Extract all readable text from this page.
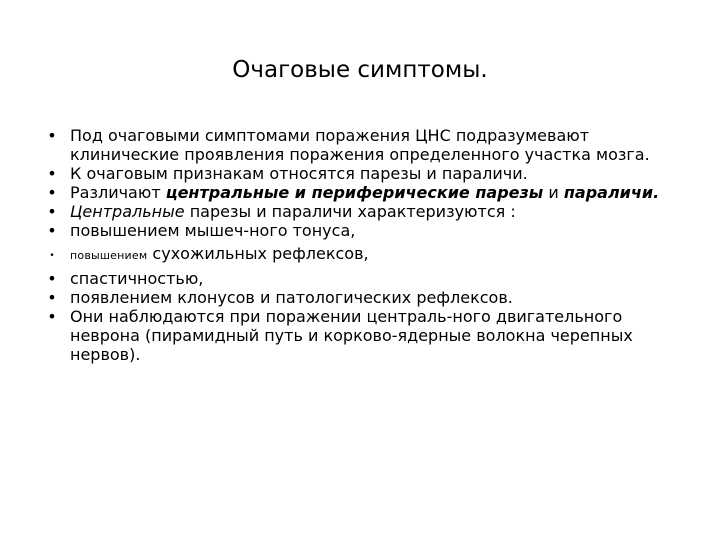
Очаговые симптомы.
• Под очаговыми симптомами поражения ЦНС подразумевают клинические проявления поражения определенного участка мозга.
• К очаговым признакам относятся парезы и параличи.
• Различают центральные и периферические парезы и параличи.
• Центральные парезы и параличи характеризуются :
• повышением мышеч-ного тонуса,
•	повышением сухожильных рефлексов,
• спастичностью,
• появлением клонусов и патологических рефлексов.
• Они наблюдаются при поражении централь-ного двигательного неврона (пирамидный путь и корково-ядерные волокна черепных нервов).
